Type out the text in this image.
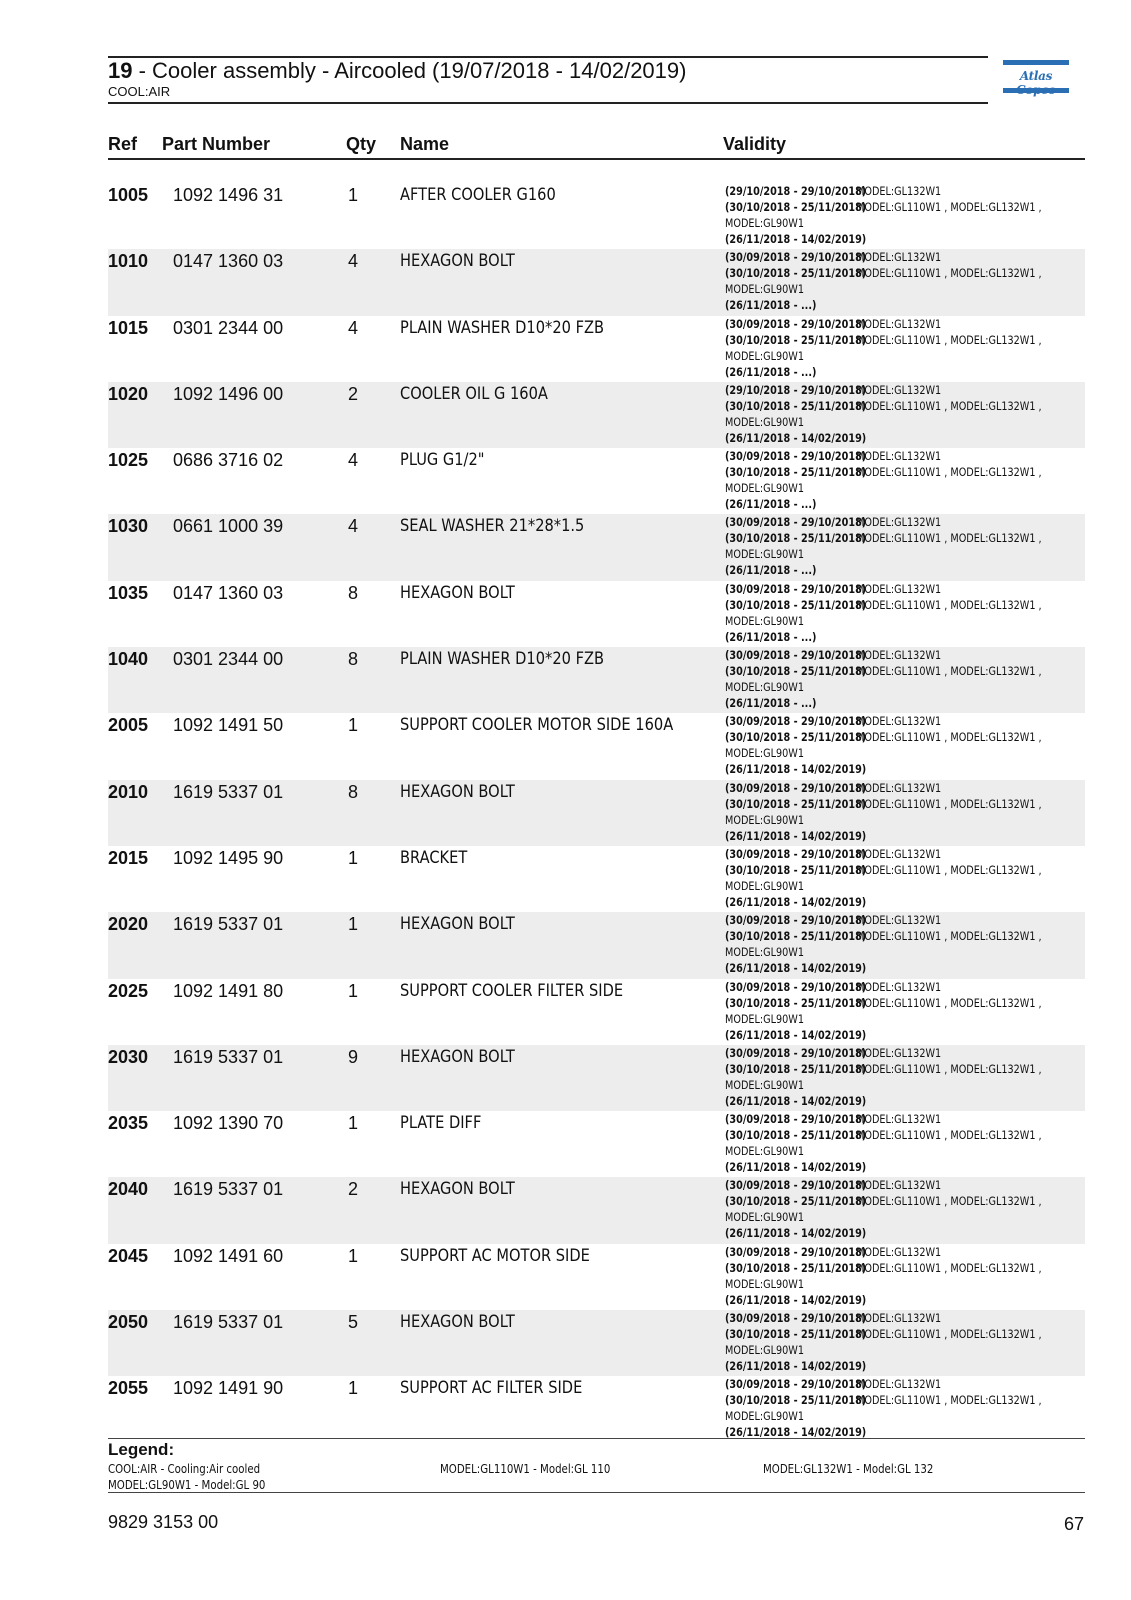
19 - Cooler assembly - Aircooled (19/07/2018 - 14/02/2019)
COOL:AIR
Atlas
Ref Part Number	Qty Name	Validity
1005 1092 1496 31	1 AFTER COOLER G160	(29/10/2018 - 29/10/2018)MODEL:GL132W1
(30/10/2018 - 25/11/2018)MODEL:GL110W1 , MODEL:GL132W1 ,
MODEL:GL90W1
(26/11/2018 - 14/02/2019)
1010 0147 1360 03	4 HEXAGON BOLT	(30/09/2018 - 29/10/2018)MODEL:GL132W1
(30/10/2018 - 25/11/2018)MODEL:GL110W1 , MODEL:GL132W1 ,
MODEL:GL90W1
(26/11/2018 - ...)
1015 0301 2344 00	4 PLAIN WASHER D10*20 FZB	(30/09/2018 - 29/10/2018)MODEL:GL132W1
(30/10/2018 - 25/11/2018)MODEL:GL110W1 , MODEL:GL132W1 ,
MODEL:GL90W1
(26/11/2018 - ...)
1020 1092 1496 00	2 COOLER OIL G 160A	(29/10/2018 - 29/10/2018)MODEL:GL132W1
(30/10/2018 - 25/11/2018)MODEL:GL110W1 , MODEL:GL132W1 ,
MODEL:GL90W1
(26/11/2018 - 14/02/2019)
1025 0686 3716 02	4 PLUG G1/2"	(30/09/2018 - 29/10/2018)MODEL:GL132W1
(30/10/2018 - 25/11/2018)MODEL:GL110W1 , MODEL:GL132W1 ,
MODEL:GL90W1
(26/11/2018 - ...)
1030 0661 1000 39	4 SEAL WASHER 21*28*1.5	(30/09/2018 - 29/10/2018)MODEL:GL132W1
(30/10/2018 - 25/11/2018)MODEL:GL110W1 , MODEL:GL132W1 ,
MODEL:GL90W1
(26/11/2018 - ...)
1035 0147 1360 03	8 HEXAGON BOLT	(30/09/2018 - 29/10/2018)MODEL:GL132W1
(30/10/2018 - 25/11/2018)MODEL:GL110W1 , MODEL:GL132W1 ,
MODEL:GL90W1
(26/11/2018 - ...)
1040 0301 2344 00	8 PLAIN WASHER D10*20 FZB	(30/09/2018 - 29/10/2018)MODEL:GL132W1
(30/10/2018 - 25/11/2018)MODEL:GL110W1 , MODEL:GL132W1 ,
MODEL:GL90W1
(26/11/2018 - ...)
2005 1092 1491 50	1 SUPPORT COOLER MOTOR SIDE 160A	(30/09/2018 - 29/10/2018)MODEL:GL132W1
(30/10/2018 - 25/11/2018)MODEL:GL110W1 , MODEL:GL132W1 ,
MODEL:GL90W1
(26/11/2018 - 14/02/2019)
2010 1619 5337 01	8 HEXAGON BOLT	(30/09/2018 - 29/10/2018)MODEL:GL132W1
(30/10/2018 - 25/11/2018)MODEL:GL110W1 , MODEL:GL132W1 ,
MODEL:GL90W1
(26/11/2018 - 14/02/2019)
2015 1092 1495 90	1 BRACKET	(30/09/2018 - 29/10/2018)MODEL:GL132W1
(30/10/2018 - 25/11/2018)MODEL:GL110W1 , MODEL:GL132W1 ,
MODEL:GL90W1
(26/11/2018 - 14/02/2019)
2020 1619 5337 01	1 HEXAGON BOLT	(30/09/2018 - 29/10/2018)MODEL:GL132W1
(30/10/2018 - 25/11/2018)MODEL:GL110W1 , MODEL:GL132W1 ,
MODEL:GL90W1
(26/11/2018 - 14/02/2019)
2025 1092 1491 80	1 SUPPORT COOLER FILTER SIDE	(30/09/2018 - 29/10/2018)MODEL:GL132W1
(30/10/2018 - 25/11/2018)MODEL:GL110W1 , MODEL:GL132W1 ,
MODEL:GL90W1
(26/11/2018 - 14/02/2019)
2030 1619 5337 01	9 HEXAGON BOLT	(30/09/2018 - 29/10/2018)MODEL:GL132W1
(30/10/2018 - 25/11/2018)MODEL:GL110W1 , MODEL:GL132W1 ,
MODEL:GL90W1
(26/11/2018 - 14/02/2019)
2035 1092 1390 70	1 PLATE DIFF	(30/09/2018 - 29/10/2018)MODEL:GL132W1
(30/10/2018 - 25/11/2018)MODEL:GL110W1 , MODEL:GL132W1 ,
MODEL:GL90W1
(26/11/2018 - 14/02/2019)
2040 1619 5337 01	2 HEXAGON BOLT	(30/09/2018 - 29/10/2018)MODEL:GL132W1
(30/10/2018 - 25/11/2018)MODEL:GL110W1 , MODEL:GL132W1 ,
MODEL:GL90W1
(26/11/2018 - 14/02/2019)
2045 1092 1491 60	1 SUPPORT AC MOTOR SIDE	(30/09/2018 - 29/10/2018)MODEL:GL132W1
(30/10/2018 - 25/11/2018)MODEL:GL110W1 , MODEL:GL132W1 ,
MODEL:GL90W1
(26/11/2018 - 14/02/2019)
2050 1619 5337 01	5 HEXAGON BOLT	(30/09/2018 - 29/10/2018)MODEL:GL132W1
(30/10/2018 - 25/11/2018)MODEL:GL110W1 , MODEL:GL132W1 ,
MODEL:GL90W1
(26/11/2018 - 14/02/2019)
2055 1092 1491 90	1 SUPPORT AC FILTER SIDE	(30/09/2018 - 29/10/2018)MODEL:GL132W1
(30/10/2018 - 25/11/2018)MODEL:GL110W1 , MODEL:GL132W1 ,
MODEL:GL90W1
(26/11/2018 - 14/02/2019)
Legend:
COOL:AIR - Cooling:Air cooled	MODEL:GL110W1 - Model:GL 110	MODEL:GL132W1 - Model:GL 132
MODEL:GL90W1 - Model:GL 90
9829 3153 00	67
